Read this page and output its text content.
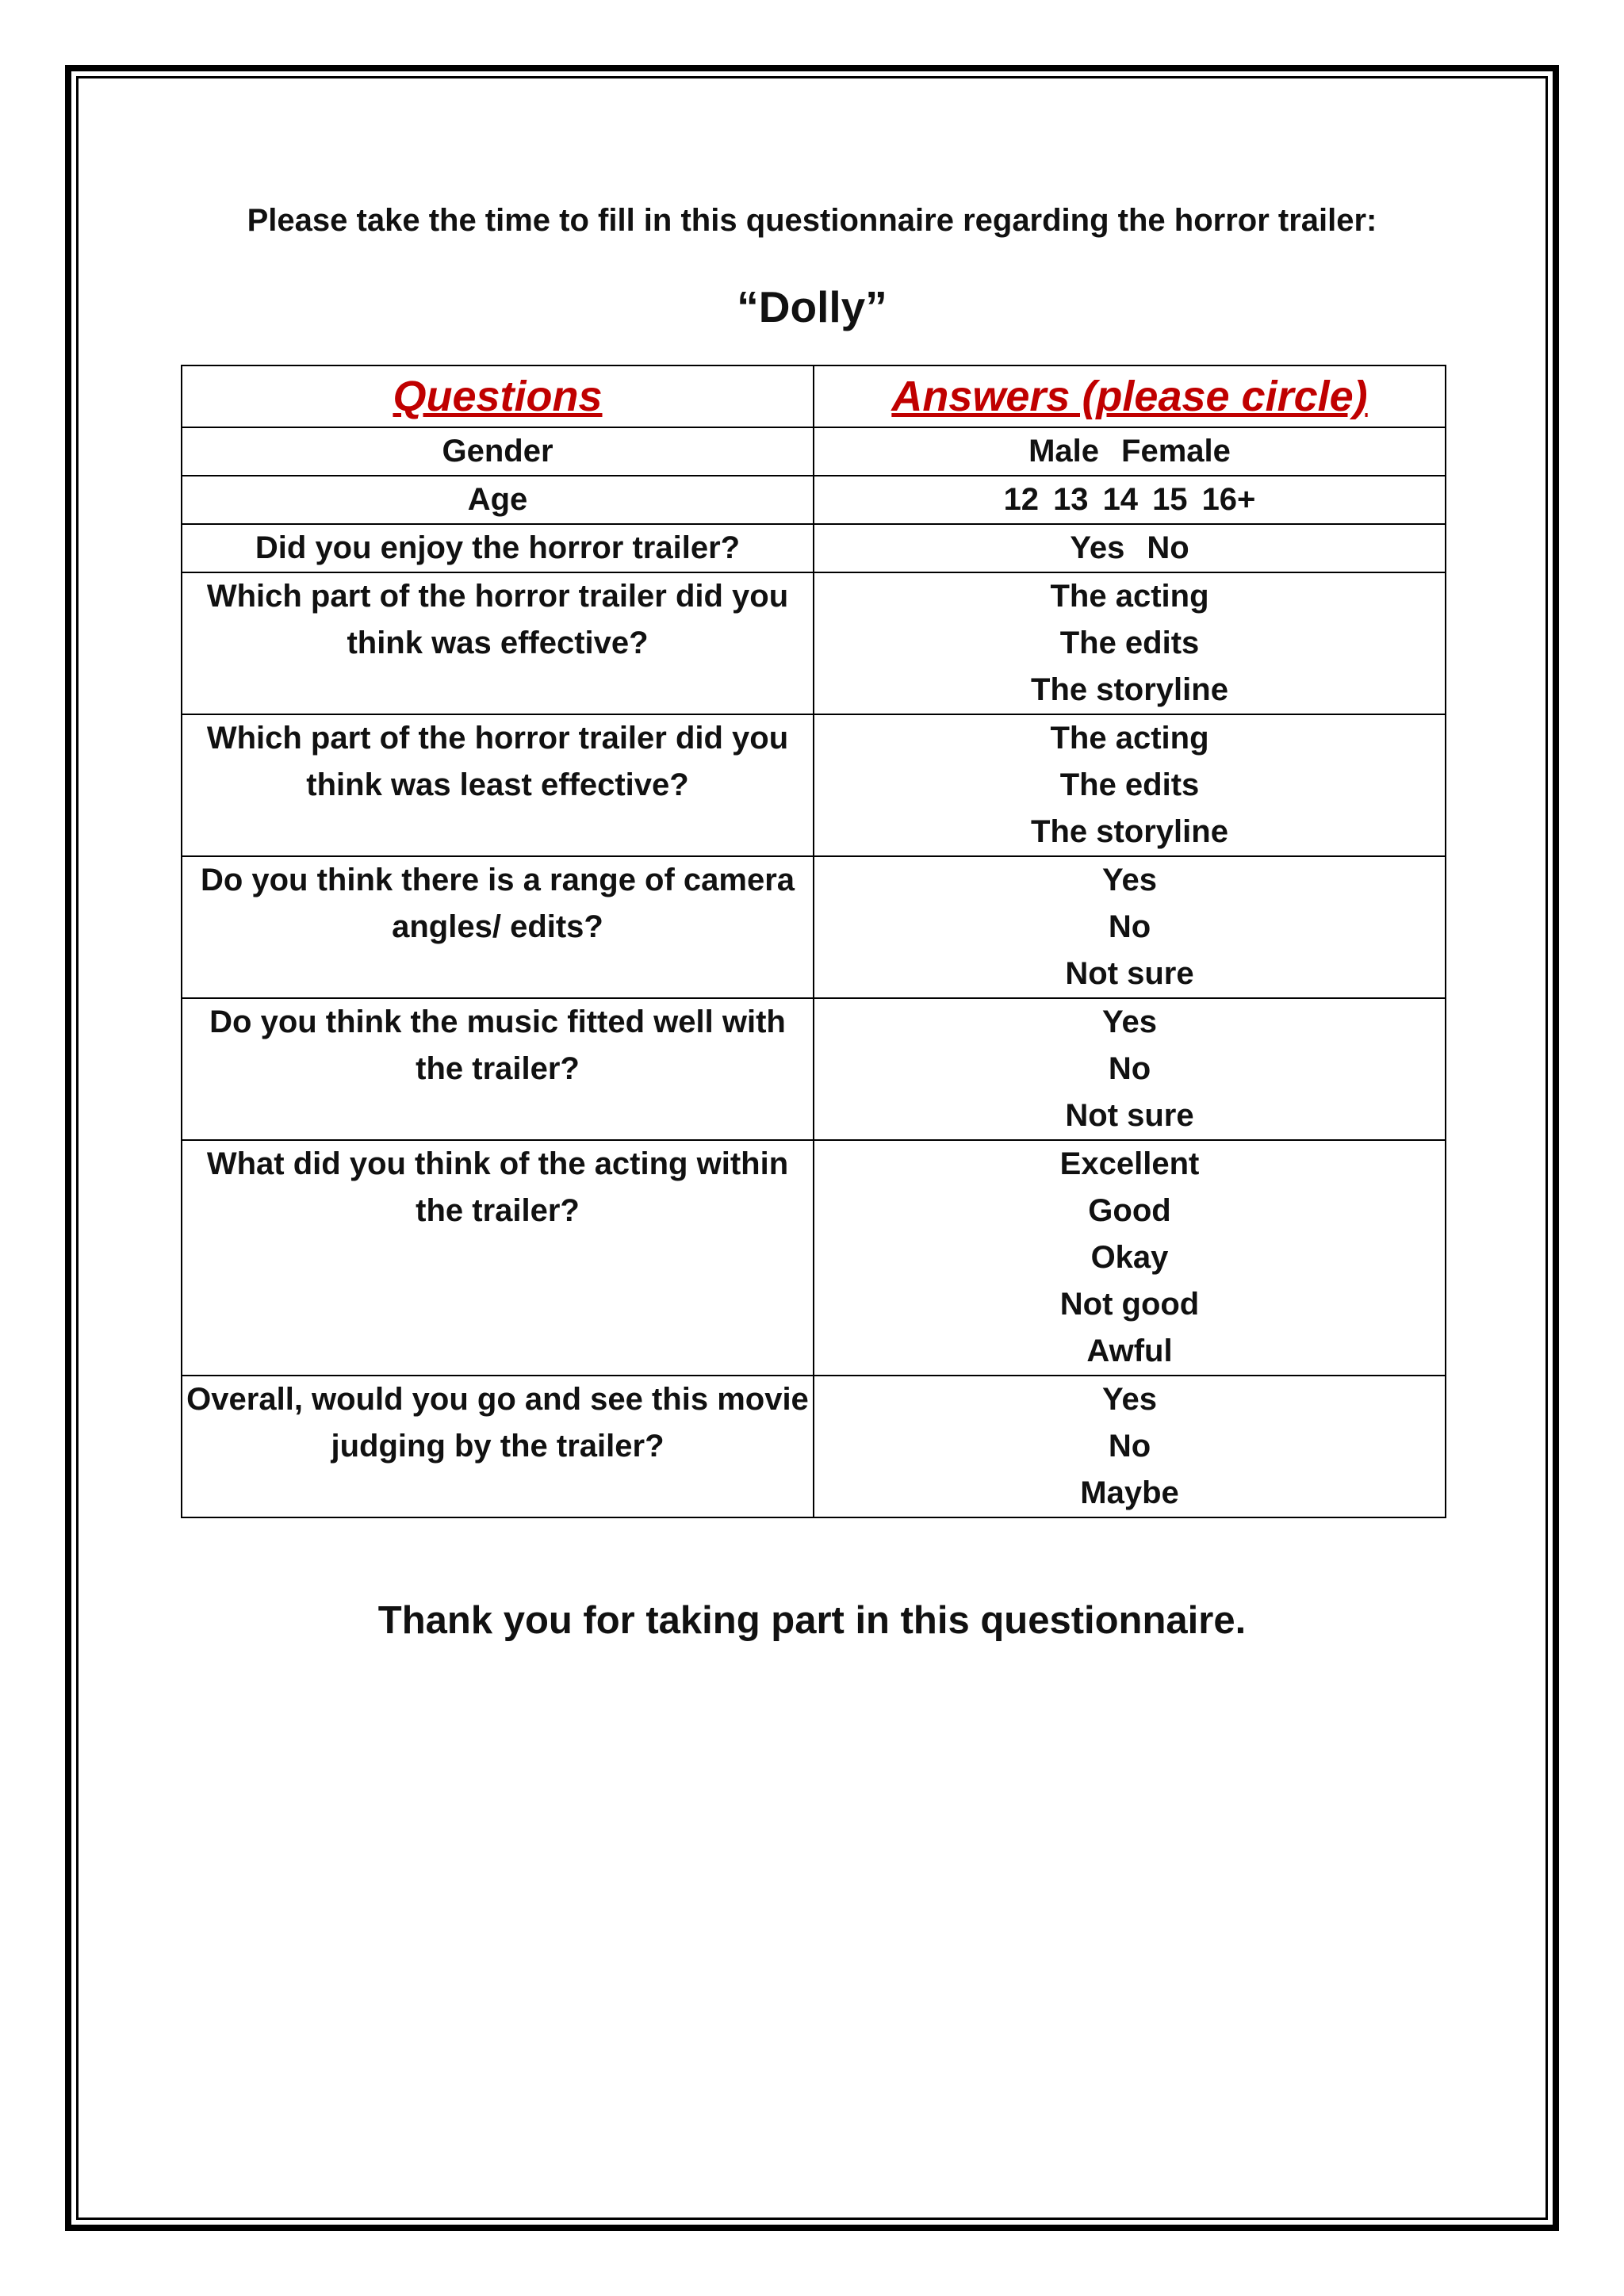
Please take the time to fill in this questionnaire regarding the horror trailer:
“Dolly”
Questions	Answers (please circle)
Gender	Male Female
Age	12 13 14 15 16+
Did you enjoy the horror trailer?	Yes No
Which part of the horror trailer did you think was effective?	The acting
The edits
The storyline

Which part of the horror trailer did you think was least effective?	The acting
The edits
The storyline

Do you think there is a range of camera angles/ edits?	Yes
No
Not sure

Do you think the music fitted well with the trailer?	Yes
No
Not sure

What did you think of the acting within the trailer?	Excellent
Good
Okay
Not good
Awful

Overall, would you go and see this movie judging by the trailer?	Yes
No
Maybe
Thank you for taking part in this questionnaire.
